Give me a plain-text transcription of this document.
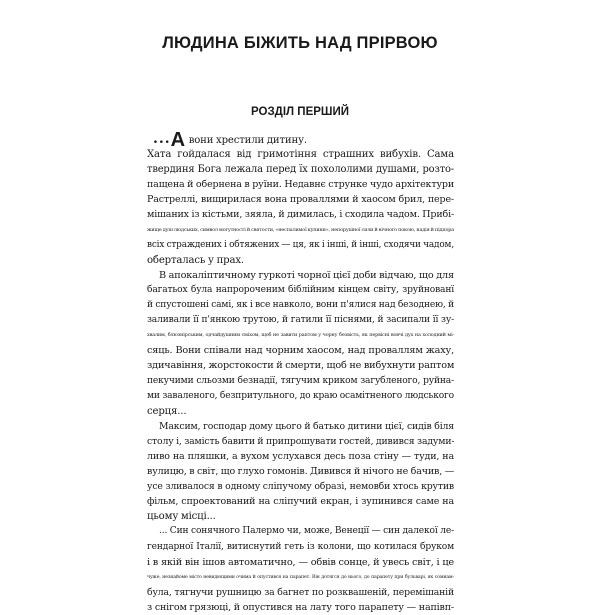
ЛЮДИНА БІЖИТЬ НАД ПРІРВОЮ
РОЗДІЛ ПЕРШИЙ
...А вони хрестили дитину.
Хата гойдалася від гримотіння страшних вибухів. Сама
твердиня Бога лежала перед їх похололими душами, розто-
пащена й обернена в руїни. Недавнє струнке чудо архітектури
Растреллі, вищирилася вона проваллями й хаосом брил, пере-
мішаних із кістьми, зяяла, й димилась, і сходила чадом. Прибі-
жище душ людських, символ могутності й святости, «неспалимої купини», непорушної сили й вічного покою, надія й підпора
всіх страждених і обтяжених — ця, як і інші, й інші, сходячи чадом,
оберталась у прах.
В апокаліптичному гуркоті чорної цієї доби відчаю, що для
багатьох була напророченим біблійним кінцем світу, зруйнованї
й спустошені самі, як і все навколо, вони п'ялися над безоднею, й
заливали її п'янкою трутою, й гатили її піснями, й засипали її зу-
хвалим, блюзнірським, одчайдушним сміхом, щоб не завити раптом у чорну безвість, як первісні вовчі дух на холодний мі-
сяць. Вони співали над чорним хаосом, над проваллям жаху,
здичавіння, жорстокости й смерти, щоб не вибухнути раптом
пекучими сльозми безнадії, тягучим криком загубленого, руйна-
ми заваленого, безпритульного, до краю осамітненого людського
серця...
Максим, господар дому цього й батько дитини цієї, сидів біля
столу і, замість бавити й припрошувати гостей, дивився задуми-
ливо на пляшки, а вухом услухався десь поза стіну — туди, на
вулицю, в світ, що глухо гомонів. Дивився й нічого не бачив, —
усе зливалося в одному сліпучому образі, немовби хтось крутив
фільм, спроектований на сліпучий екран, і зупинився саме на
цьому місці...
... Син сонячного Палермо чи, може, Венеції — син далекої ле-
гендарної Італії, витиснутий геть із колони, що котилася бруком
і в якій він ішов автоматично, — обвів сонце, й увесь світ, і це
чуже, незнайоме місто невидющими очима й опустився на парапет. Він дотягся до нього, до парапету при бульварі, як сомнам-
була, тягнучи рушницю за багнет по розквашеній, перемішаній
з снігом грязюці, й опустився на лату того парапету — напівп-
